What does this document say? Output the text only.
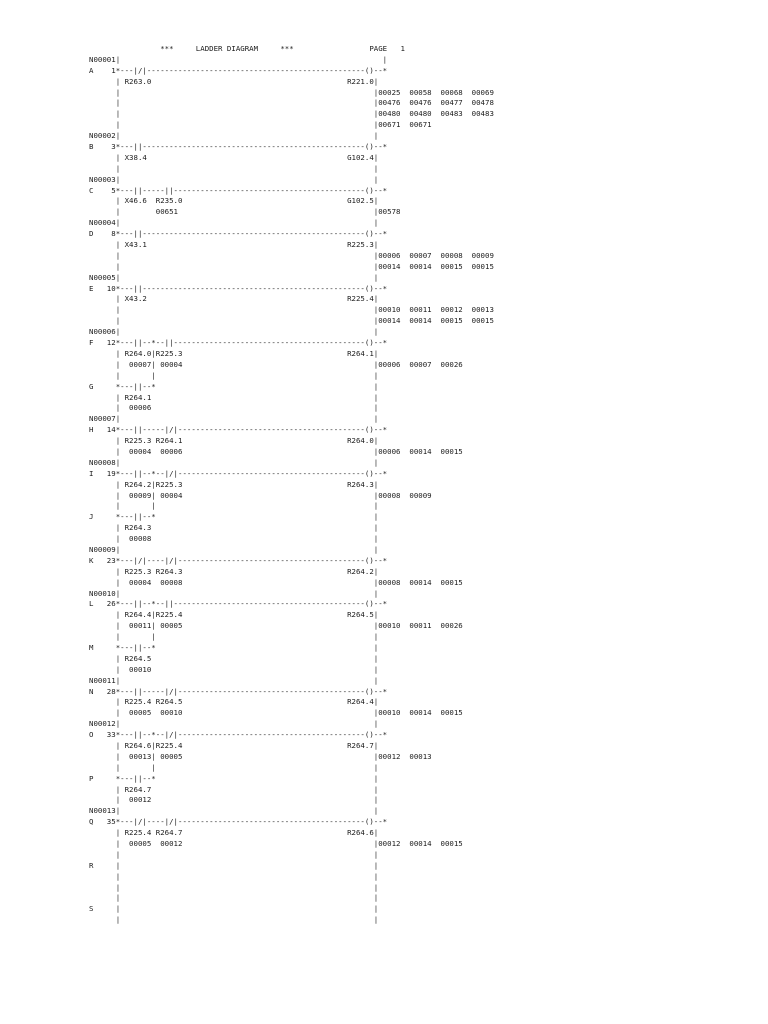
***     LADDER DIAGRAM     ***                 PAGE   1
N00001|                                                           |
A    1*---|/|-------------------------------------------------()--*
| R263.0                                            R221.0|
|                                                         |00025  00058  00068  00069
|                                                         |00476  00476  00477  00478
|                                                         |00480  00480  00483  00483
|                                                         |00671  00671
N00002|                                                         |
B    3*---||--------------------------------------------------()--*
| X38.4                                             G102.4|
|                                                         |
N00003|                                                         |
C    5*---||-----||-------------------------------------------()--*
| X46.6  R235.0                                     G102.5|
|        00651                                            |00578
N00004|                                                         |
D    8*---||--------------------------------------------------()--*
| X43.1                                             R225.3|
|                                                         |00006  00007  00008  00009
|                                                         |00014  00014  00015  00015
N00005|                                                         |
E   10*---||--------------------------------------------------()--*
| X43.2                                             R225.4|
|                                                         |00010  00011  00012  00013
|                                                         |00014  00014  00015  00015
N00006|                                                         |
F   12*---||--*--||-------------------------------------------()--*
| R264.0|R225.3                                     R264.1|
|  00007| 00004                                           |00006  00007  00026
|       |                                                 |
G     *---||--*                                                 |
| R264.1                                                  |
|  00006                                                  |
N00007|                                                         |
H   14*---||-----|/|------------------------------------------()--*
| R225.3 R264.1                                     R264.0|
|  00004  00006                                           |00006  00014  00015
N00008|                                                         |
I   19*---||--*--|/|------------------------------------------()--*
| R264.2|R225.3                                     R264.3|
|  00009| 00004                                           |00008  00009
|       |                                                 |
J     *---||--*                                                 |
| R264.3                                                  |
|  00008                                                  |
N00009|                                                         |
K   23*---|/|----|/|------------------------------------------()--*
| R225.3 R264.3                                     R264.2|
|  00004  00008                                           |00008  00014  00015
N00010|                                                         |
L   26*---||--*--||-------------------------------------------()--*
| R264.4|R225.4                                     R264.5|
|  00011| 00005                                           |00010  00011  00026
|       |                                                 |
M     *---||--*                                                 |
| R264.5                                                  |
|  00010                                                  |
N00011|                                                         |
N   28*---||-----|/|------------------------------------------()--*
| R225.4 R264.5                                     R264.4|
|  00005  00010                                           |00010  00014  00015
N00012|                                                         |
O   33*---||--*--|/|------------------------------------------()--*
| R264.6|R225.4                                     R264.7|
|  00013| 00005                                           |00012  00013
|       |                                                 |
P     *---||--*                                                 |
| R264.7                                                  |
|  00012                                                  |
N00013|                                                         |
Q   35*---|/|----|/|------------------------------------------()--*
| R225.4 R264.7                                     R264.6|
|  00005  00012                                           |00012  00014  00015
|                                                         |
R     |                                                         |
|                                                         |
|                                                         |
|                                                         |
S     |                                                         |
|                                                         |
